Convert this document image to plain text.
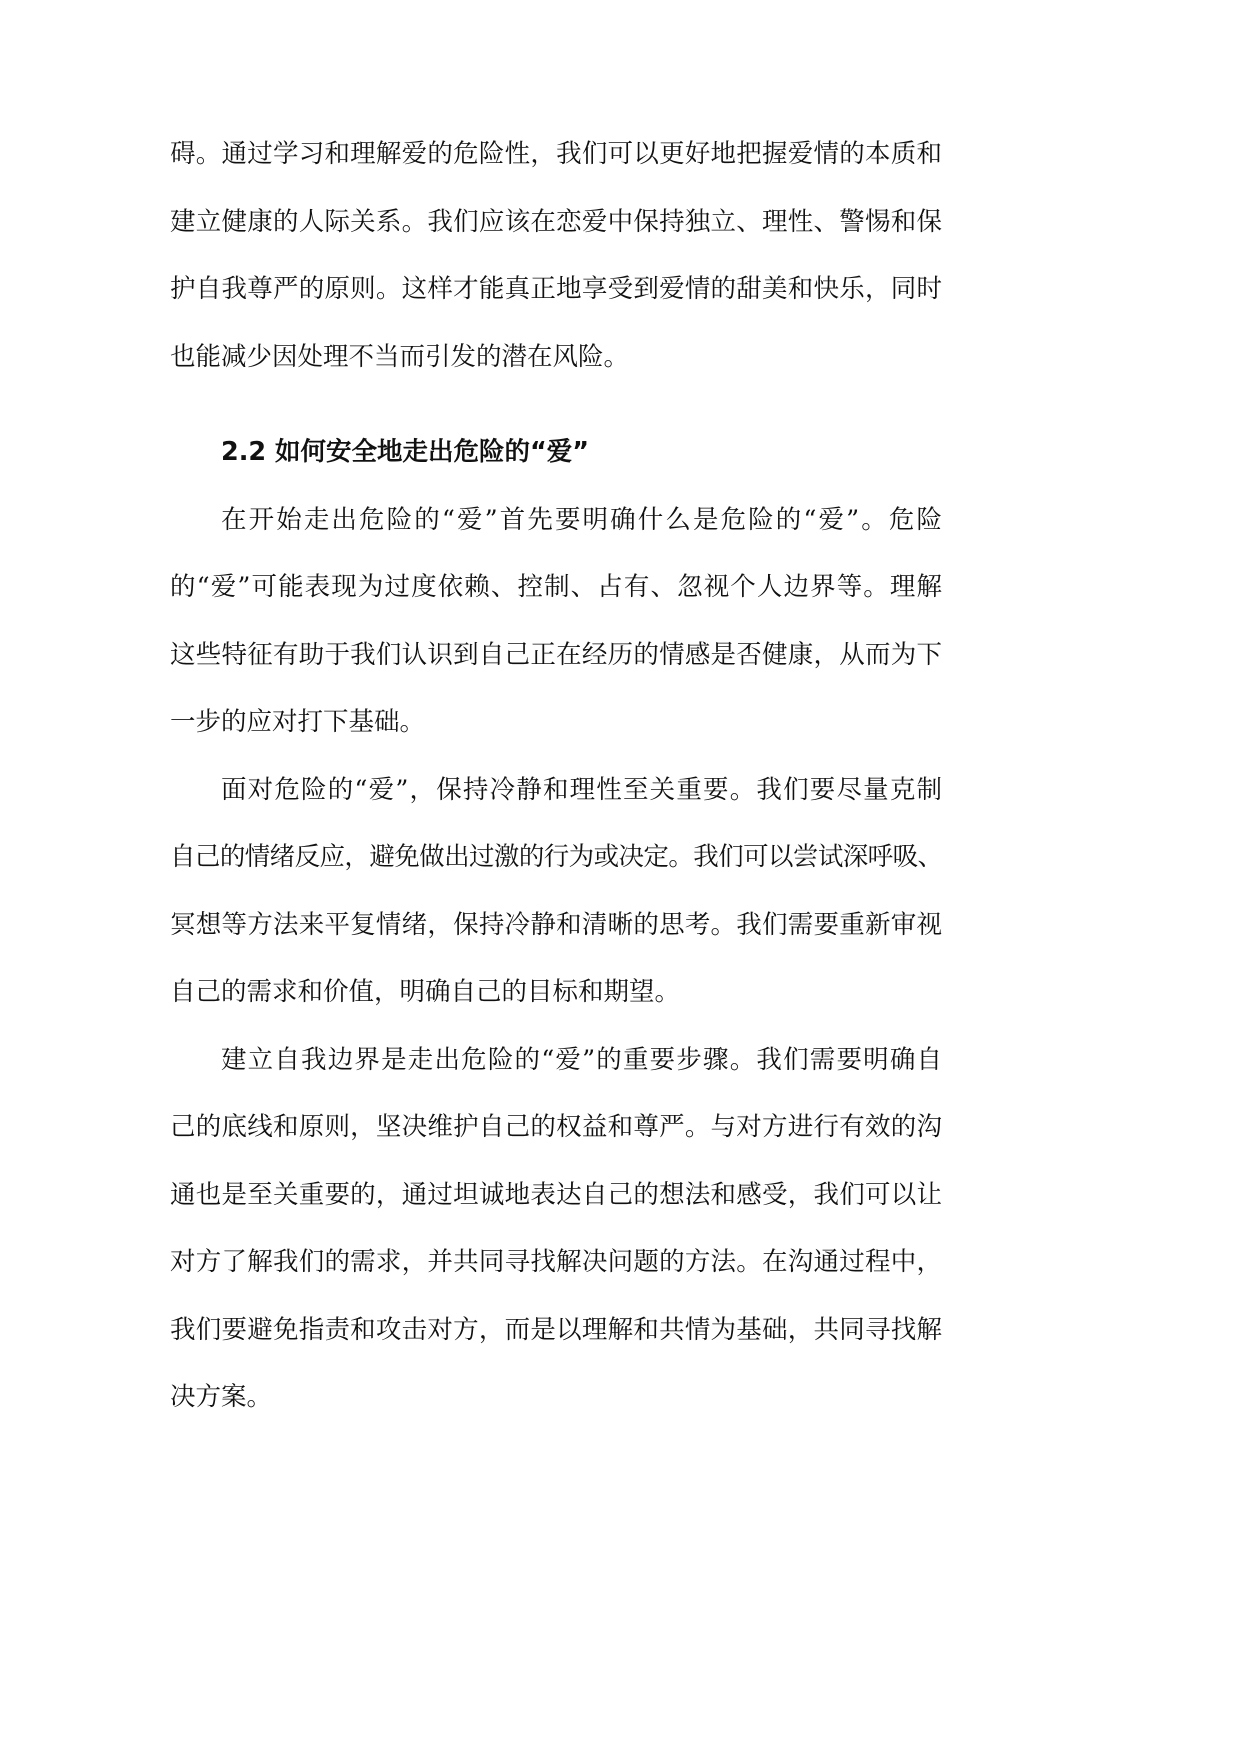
碍。通过学习和理解爱的危险性，我们可以更好地把握爱情的本质和
建立健康的人际关系。我们应该在恋爱中保持独立、理性、警惕和保
护自我尊严的原则。这样才能真正地享受到爱情的甜美和快乐，同时
也能减少因处理不当而引发的潜在风险。
2.2 如何安全地走出危险的“爱”
在开始走出危险的“爱”首先要明确什么是危险的“爱”。危险
的“爱”可能表现为过度依赖、控制、占有、忽视个人边界等。理解
这些特征有助于我们认识到自己正在经历的情感是否健康，从而为下
一步的应对打下基础。
面对危险的“爱”，保持冷静和理性至关重要。我们要尽量克制
自己的情绪反应，避免做出过激的行为或决定。我们可以尝试深呼吸、
冥想等方法来平复情绪，保持冷静和清晰的思考。我们需要重新审视
自己的需求和价值，明确自己的目标和期望。
建立自我边界是走出危险的“爱”的重要步骤。我们需要明确自
己的底线和原则，坚决维护自己的权益和尊严。与对方进行有效的沟
通也是至关重要的，通过坦诚地表达自己的想法和感受，我们可以让
对方了解我们的需求，并共同寻找解决问题的方法。在沟通过程中，
我们要避免指责和攻击对方，而是以理解和共情为基础，共同寻找解
决方案。
